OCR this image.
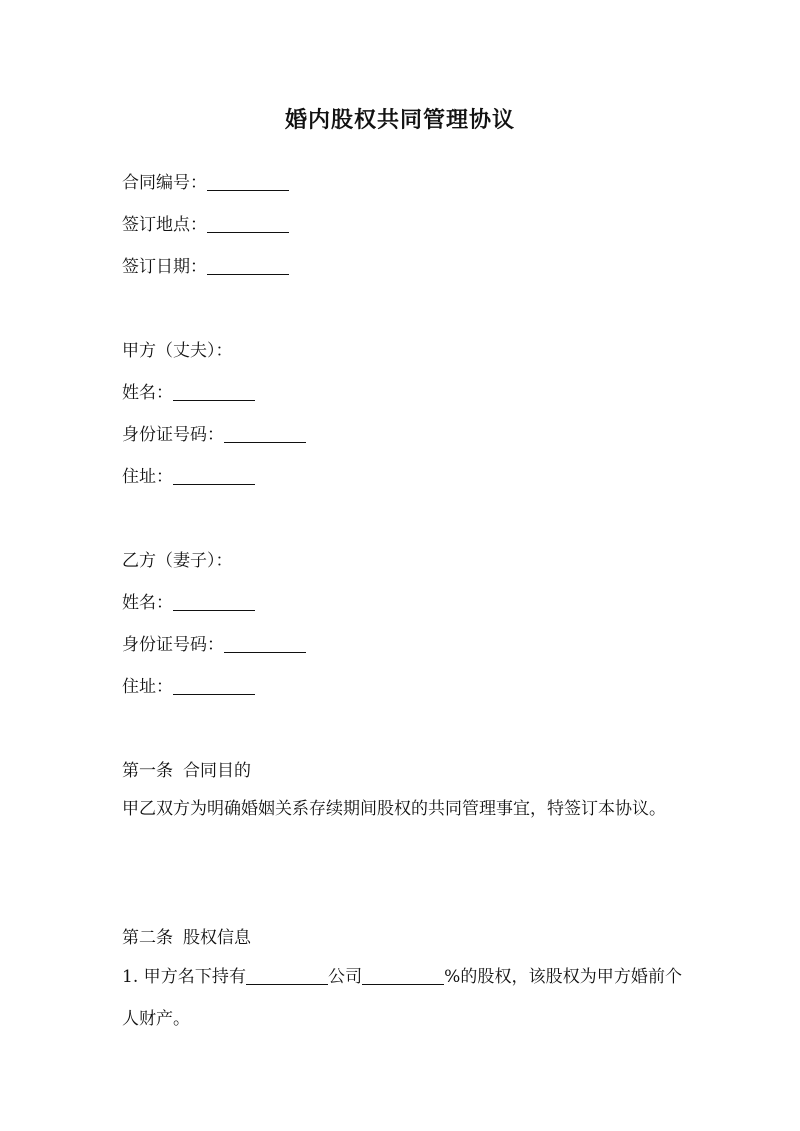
婚内股权共同管理协议
合同编号：
签订地点：
签订日期：
甲方（丈夫）：
姓名：
身份证号码：
住址：
乙方（妻子）：
姓名：
身份证号码：
住址：
第一条 合同目的
甲乙双方为明确婚姻关系存续期间股权的共同管理事宜，特签订本协议。
第二条 股权信息
1. 甲方名下持有	公司	%的股权，该股权为甲方婚前个人财产。
